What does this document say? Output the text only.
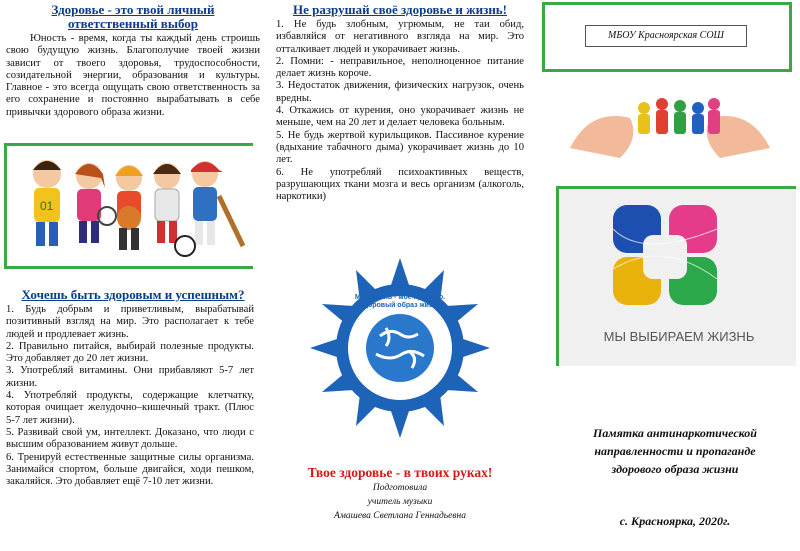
Здоровье - это твой личный ответственный выбор

Юность - время, когда ты каждый день строишь свою будущую жизнь. Благополучие твоей жизни зависит от твоего здоровья, трудоспособности, созидательной энергии, образования и культуры. Главное - это всегда ощущать свою ответственность за его сохранение и постоянно вырабатывать в себе привычки здорового образа жизни.

01
Хочешь быть здоровым и успешным?
1. Будь добрым и приветливым, вырабатывай позитивный взгляд на мир. Это располагает к тебе людей и продлевает жизнь.
2. Правильно питайся, выбирай полезные продукты. Это добавляет до 20 лет жизни.
3. Употребляй витамины. Они прибавляют 5-7 лет жизни.
4. Употребляй продукты, содержащие клетчатку, которая очищает желудочно–кишечный тракт. (Плюс 5-7 лет жизни).
5. Развивай свой ум, интеллект. Доказано, что люди с высшим образованием живут дольше.
6. Тренируй естественные защитные силы организма. Занимайся спортом, больше двигайся, ходи пешком, закаляйся. Это добавляет ещё 7-10 лет жизни.
Не разрушай своё здоровье и жизнь!
1. Не будь злобным, угрюмым, не таи обид, избавляйся от негативного взгляда на мир. Это отталкивает людей и укорачивает жизнь.
2. Помни: - неправильное, неполноценное питание делает жизнь короче.
3. Недостаток движения, физических нагрузок, очень вредны.
4. Откажись от курения, оно укорачивает жизнь не меньше, чем на 20 лет и делает человека больным.
5. Не будь жертвой курильщиков. Пассивное курение (вдыхание табачного дыма) укорачивает жизнь до 10 лет.
6. Не употребляй психоактивных веществ, разрушающих ткани мозга и весь организм (алкоголь, наркотики)
Моя жизнь - мое правило. Здоровый образ жизни
Твое здоровье - в твоих руках!
Подготовила
учитель музыки
Амашева Светлана Геннадьевна
МБОУ Красноярская СОШ
МЫ ВЫБИРАЕМ ЖИЗНЬ
Памятка антинаркотической направленности и пропаганде здорового образа жизни
с. Красноярка, 2020г.
